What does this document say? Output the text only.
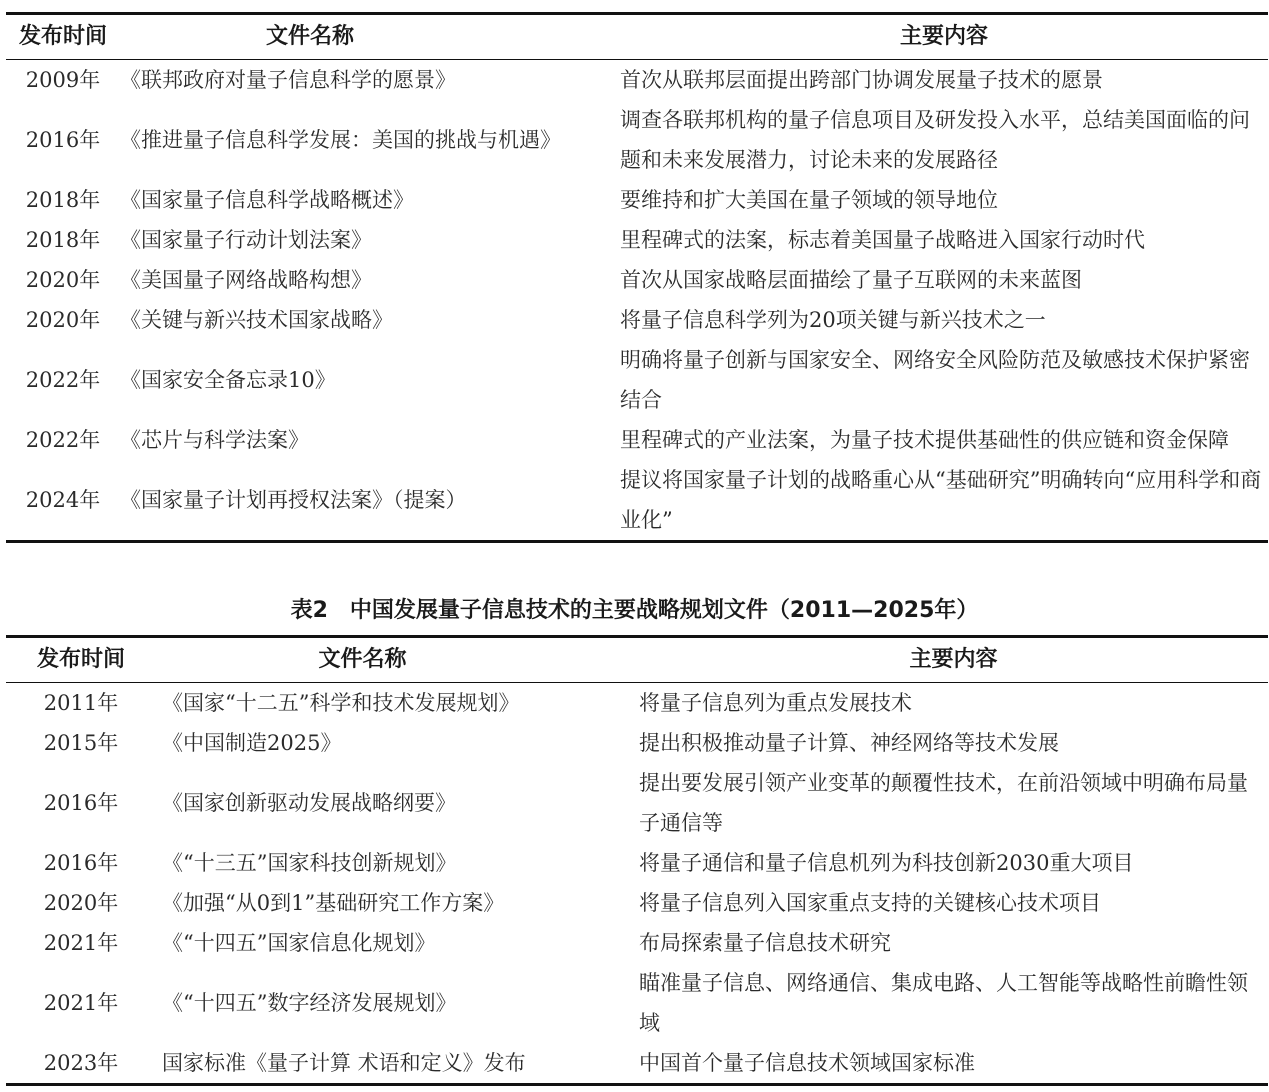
发布时间	文件名称	主要内容
2009年	《联邦政府对量子信息科学的愿景》	首次从联邦层面提出跨部门协调发展量子技术的愿景
2016年	《推进量子信息科学发展：美国的挑战与机遇》	调查各联邦机构的量子信息项目及研发投入水平，总结美国面临的问题和未来发展潜力，讨论未来的发展路径
2018年	《国家量子信息科学战略概述》	要维持和扩大美国在量子领域的领导地位
2018年	《国家量子行动计划法案》	里程碑式的法案，标志着美国量子战略进入国家行动时代
2020年	《美国量子网络战略构想》	首次从国家战略层面描绘了量子互联网的未来蓝图
2020年	《关键与新兴技术国家战略》	将量子信息科学列为20项关键与新兴技术之一
2022年	《国家安全备忘录10》	明确将量子创新与国家安全、网络安全风险防范及敏感技术保护紧密结合
2022年	《芯片与科学法案》	里程碑式的产业法案，为量子技术提供基础性的供应链和资金保障
2024年	《国家量子计划再授权法案》（提案）	提议将国家量子计划的战略重心从“基础研究”明确转向“应用科学和商业化”
表2　中国发展量子信息技术的主要战略规划文件（2011—2025年）
发布时间	文件名称	主要内容
2011年	《国家“十二五”科学和技术发展规划》	将量子信息列为重点发展技术
2015年	《中国制造2025》	提出积极推动量子计算、神经网络等技术发展
2016年	《国家创新驱动发展战略纲要》	提出要发展引领产业变革的颠覆性技术，在前沿领域中明确布局量子通信等
2016年	《“十三五”国家科技创新规划》	将量子通信和量子信息机列为科技创新2030重大项目
2020年	《加强“从0到1”基础研究工作方案》	将量子信息列入国家重点支持的关键核心技术项目
2021年	《“十四五”国家信息化规划》	布局探索量子信息技术研究
2021年	《“十四五”数字经济发展规划》	瞄准量子信息、网络通信、集成电路、人工智能等战略性前瞻性领域
2023年	国家标准《量子计算 术语和定义》发布	中国首个量子信息技术领域国家标准
